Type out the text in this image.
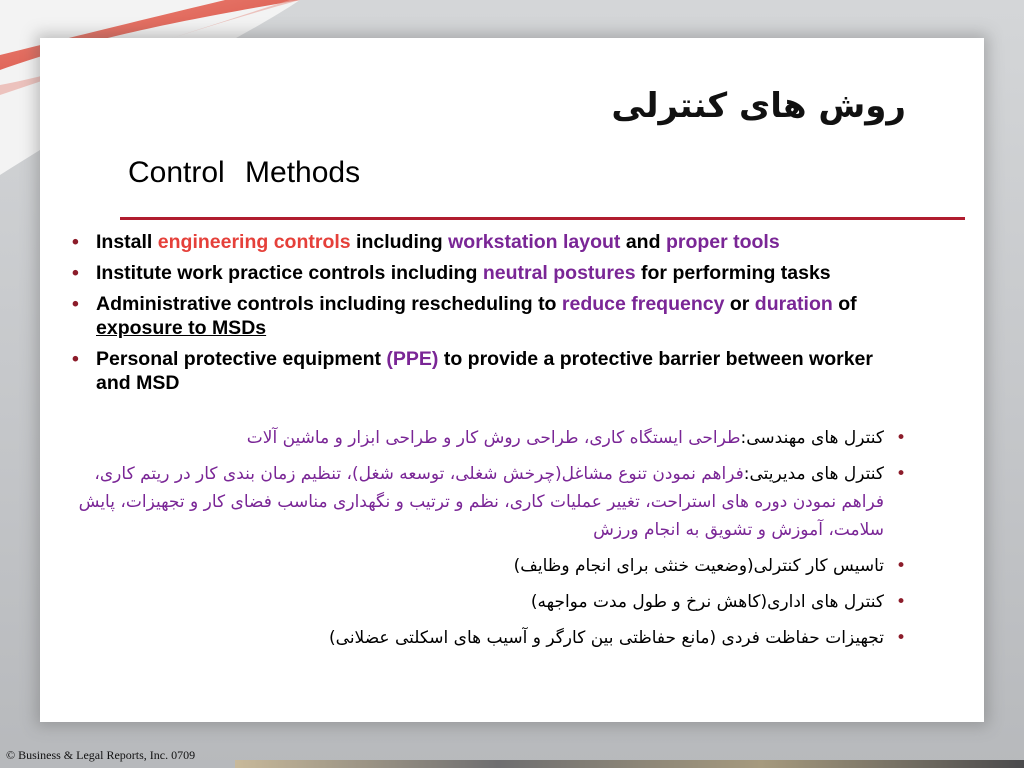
روش های کنترلی
Control Methods
• Install engineering controls including workstation layout and proper tools
• Institute work practice controls including neutral postures for performing tasks
• Administrative controls including rescheduling to reduce frequency or duration of exposure to MSDs
• Personal protective equipment (PPE) to provide a protective barrier between worker and MSD
•
کنترل های مهندسی:طراحی ایستگاه کاری، طراحی روش کار و طراحی ابزار و ماشین آلات
•
کنترل های مدیریتی:فراهم نمودن تنوع مشاغل(چرخش شغلی، توسعه شغل)، تنظیم زمان بندی کار در ریتم کاری، فراهم نمودن دوره های استراحت، تغییر عملیات کاری، نظم و ترتیب و نگهداری مناسب فضای کار و تجهیزات، پایش سلامت، آموزش و تشویق به انجام ورزش
•
تاسیس کار کنترلی(وضعیت خنثی برای انجام وظایف)
•
کنترل های اداری(کاهش نرخ و طول مدت مواجهه)
•
تجهیزات حفاظت فردی (مانع حفاظتی بین کارگر و آسیب های اسکلتی عضلانی)
© Business & Legal Reports, Inc. 0709
